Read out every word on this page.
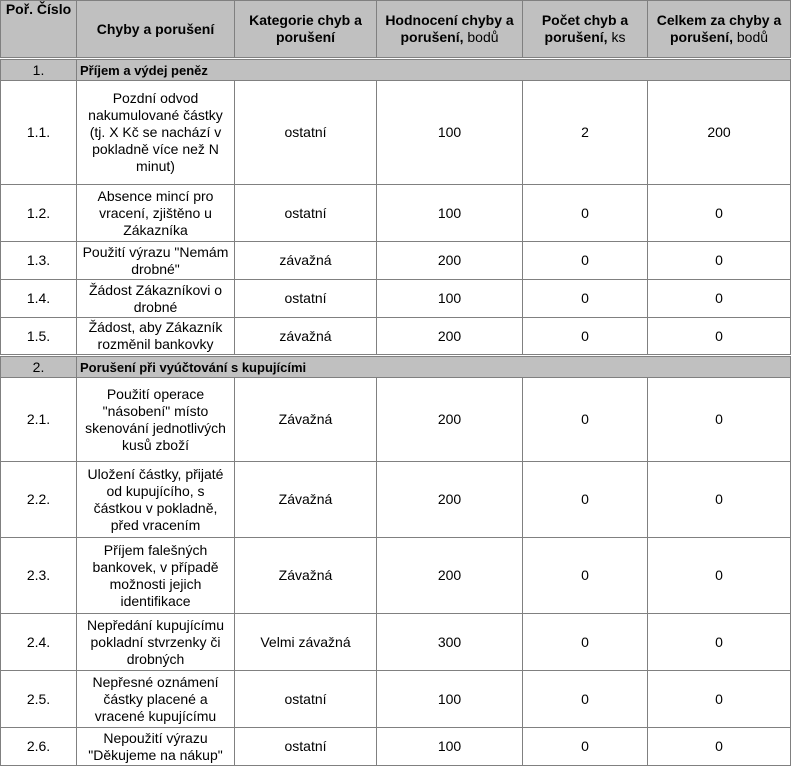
Poř. Číslo	Chyby a porušení	Kategorie chyb a porušení	Hodnocení chyby a porušení, bodů	Počet chyb a porušení, ks	Celkem za chyby a porušení, bodů
1.	Příjem a výdej peněz				
1.1.	Pozdní odvod nakumulované částky (tj. X Kč se nachází v pokladně více než N minut)	ostatní	100	2	200
1.2.	Absence mincí pro vracení, zjištěno u Zákazníka	ostatní	100	0	0
1.3.	Použití výrazu "Nemám drobné"	závažná	200	0	0
1.4.	Žádost Zákazníkovi o drobné	ostatní	100	0	0
1.5.	Žádost, aby Zákazník rozměnil bankovky	závažná	200	0	0
2.	Porušení při vyúčtování s kupujícími				
2.1.	Použití operace "násobení" místo skenování jednotlivých kusů zboží	Závažná	200	0	0
2.2.	Uložení částky, přijaté od kupujícího, s částkou v pokladně, před vracením	Závažná	200	0	0
2.3.	Příjem falešných bankovek, v případě možnosti jejich identifikace	Závažná	200	0	0
2.4.	Nepředání kupujícímu pokladní stvrzenky či drobných	Velmi závažná	300	0	0
2.5.	Nepřesné oznámení částky placené a vracené kupujícímu	ostatní	100	0	0
2.6.	Nepoužití výrazu "Děkujeme na nákup"	ostatní	100	0	0
